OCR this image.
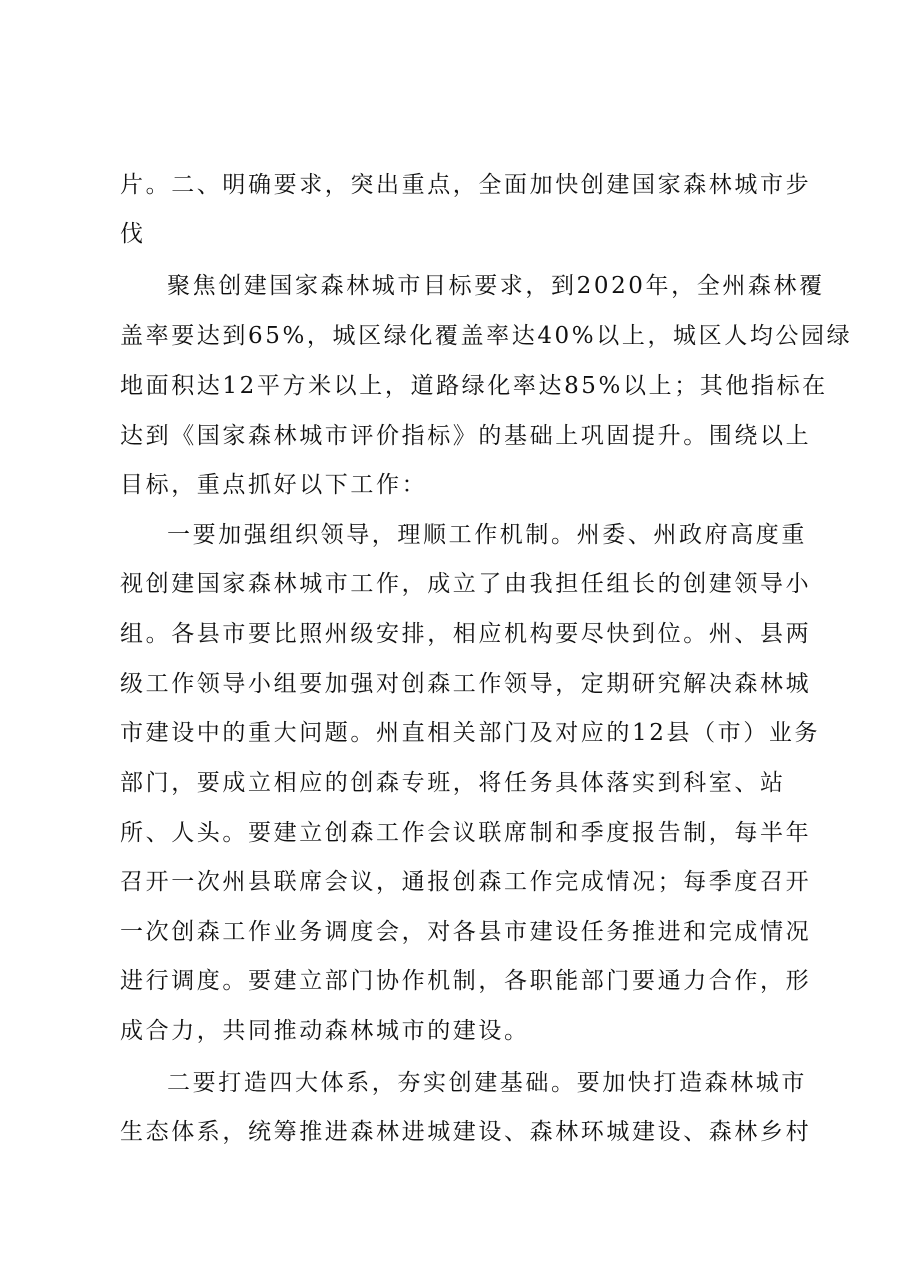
片。二、明确要求，突出重点，全面加快创建国家森林城市步
伐
聚焦创建国家森林城市目标要求，到2020年，全州森林覆
盖率要达到65%，城区绿化覆盖率达40%以上，城区人均公园绿
地面积达12平方米以上，道路绿化率达85%以上；其他指标在
达到《国家森林城市评价指标》的基础上巩固提升。围绕以上
目标，重点抓好以下工作：
一要加强组织领导，理顺工作机制。州委、州政府高度重
视创建国家森林城市工作，成立了由我担任组长的创建领导小
组。各县市要比照州级安排，相应机构要尽快到位。州、县两
级工作领导小组要加强对创森工作领导，定期研究解决森林城
市建设中的重大问题。州直相关部门及对应的12县（市）业务
部门，要成立相应的创森专班，将任务具体落实到科室、站
所、人头。要建立创森工作会议联席制和季度报告制，每半年
召开一次州县联席会议，通报创森工作完成情况；每季度召开
一次创森工作业务调度会，对各县市建设任务推进和完成情况
进行调度。要建立部门协作机制，各职能部门要通力合作，形
成合力，共同推动森林城市的建设。
二要打造四大体系，夯实创建基础。要加快打造森林城市
生态体系，统筹推进森林进城建设、森林环城建设、森林乡村
